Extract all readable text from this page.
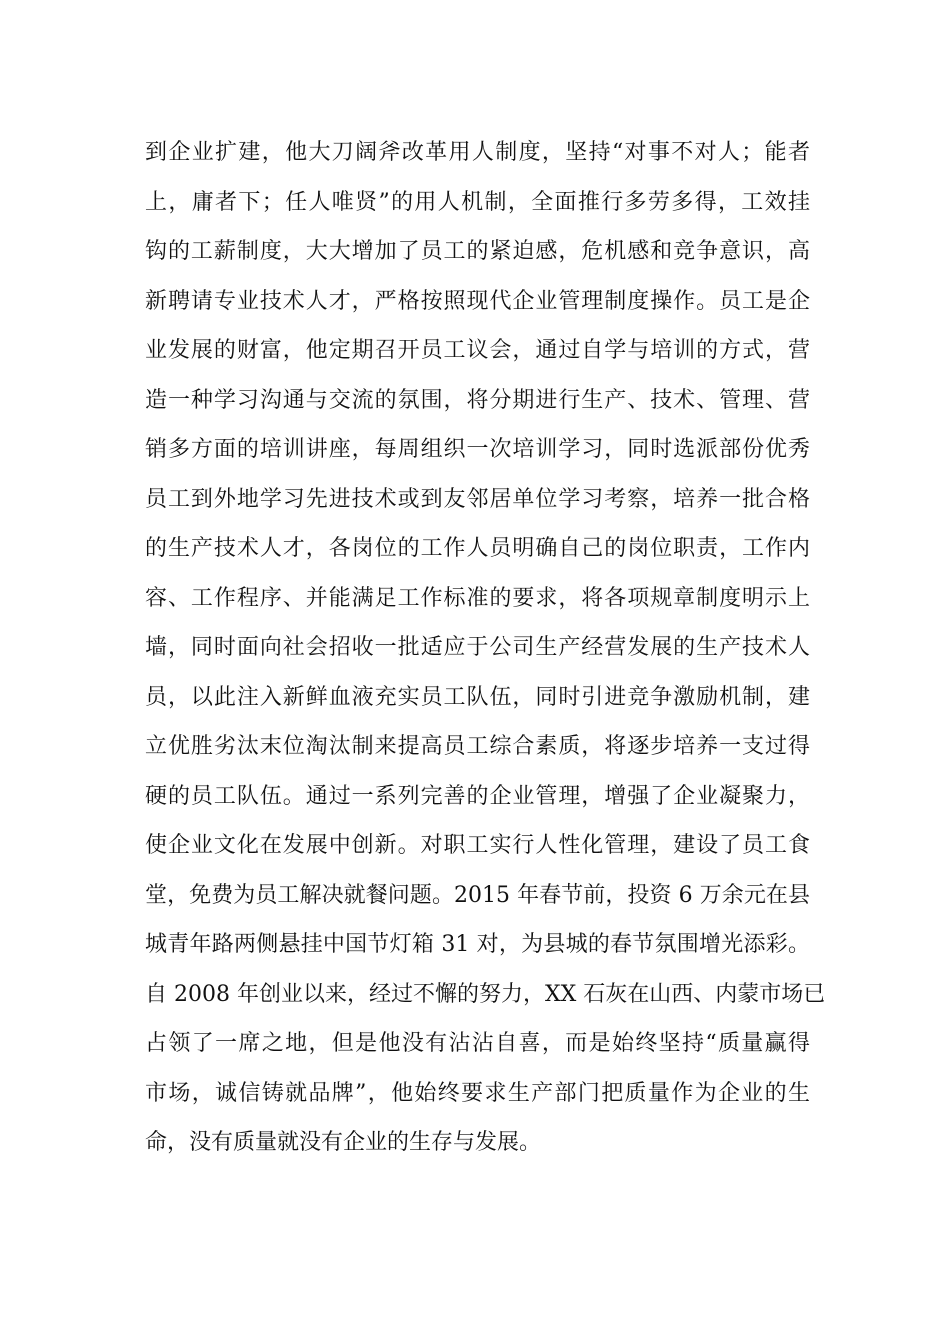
到企业扩建，他大刀阔斧改革用人制度，坚持“对事不对人；能者
上，庸者下；任人唯贤”的用人机制，全面推行多劳多得，工效挂
钩的工薪制度，大大增加了员工的紧迫感，危机感和竞争意识，高
新聘请专业技术人才，严格按照现代企业管理制度操作。员工是企
业发展的财富，他定期召开员工议会，通过自学与培训的方式，营
造一种学习沟通与交流的氛围，将分期进行生产、技术、管理、营
销多方面的培训讲座，每周组织一次培训学习，同时选派部份优秀
员工到外地学习先进技术或到友邻居单位学习考察，培养一批合格
的生产技术人才，各岗位的工作人员明确自己的岗位职责，工作内
容、工作程序、并能满足工作标准的要求，将各项规章制度明示上
墙，同时面向社会招收一批适应于公司生产经营发展的生产技术人
员，以此注入新鲜血液充实员工队伍，同时引进竞争激励机制，建
立优胜劣汰末位淘汰制来提高员工综合素质，将逐步培养一支过得
硬的员工队伍。通过一系列完善的企业管理，增强了企业凝聚力，
使企业文化在发展中创新。对职工实行人性化管理，建设了员工食
堂，免费为员工解决就餐问题。2015 年春节前，投资 6 万余元在县
城青年路两侧悬挂中国节灯箱 31 对，为县城的春节氛围增光添彩。
自 2008 年创业以来，经过不懈的努力，XX 石灰在山西、内蒙市场已
占领了一席之地，但是他没有沾沾自喜，而是始终坚持“质量赢得
市场，诚信铸就品牌”，他始终要求生产部门把质量作为企业的生
命，没有质量就没有企业的生存与发展。
